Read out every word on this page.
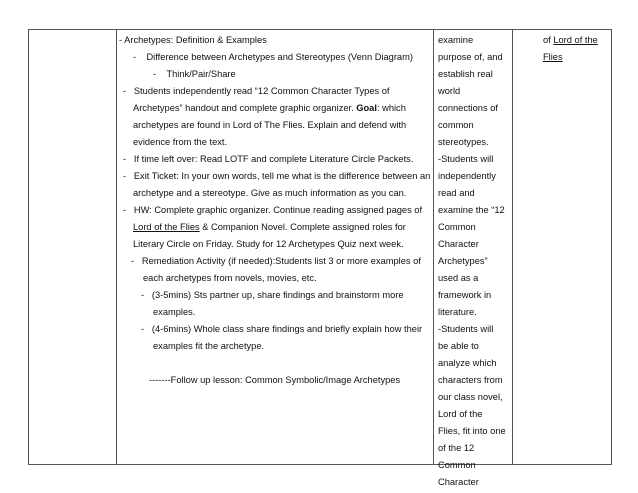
- Archetypes: Definition & Examples
- Difference between Archetypes and Stereotypes (Venn Diagram)
- Think/Pair/Share
- Students independently read “12 Common Character Types of
Archetypes” handout and complete graphic organizer. Goal: which
archetypes are found in Lord of The Flies. Explain and defend with
evidence from the text.
- If time left over: Read LOTF and complete Literature Circle Packets.
- Exit Ticket: In your own words, tell me what is the difference between an
archetype and a stereotype. Give as much information as you can.
- HW: Complete graphic organizer. Continue reading assigned pages of
Lord of the Flies & Companion Novel. Complete assigned roles for
Literary Circle on Friday. Study for 12 Archetypes Quiz next week.
- Remediation Activity (if needed):Students list 3 or more examples of
each archetypes from novels, movies, etc.
- (3-5mins) Sts partner up, share findings and brainstorm more
examples.
- (4-6mins) Whole class share findings and briefly explain how their
examples fit the archetype.
-------Follow up lesson: Common Symbolic/Image Archetypes
examine
purpose of, and
establish real
world
connections of
common
stereotypes.
-Students will
independently
read and
examine the “12
Common
Character
Archetypes”
used as a
framework in
literature.
-Students will
be able to
analyze which
characters from
our class novel,
Lord of the
Flies, fit into one
of the 12
Common
Character
of Lord of the
Flies
